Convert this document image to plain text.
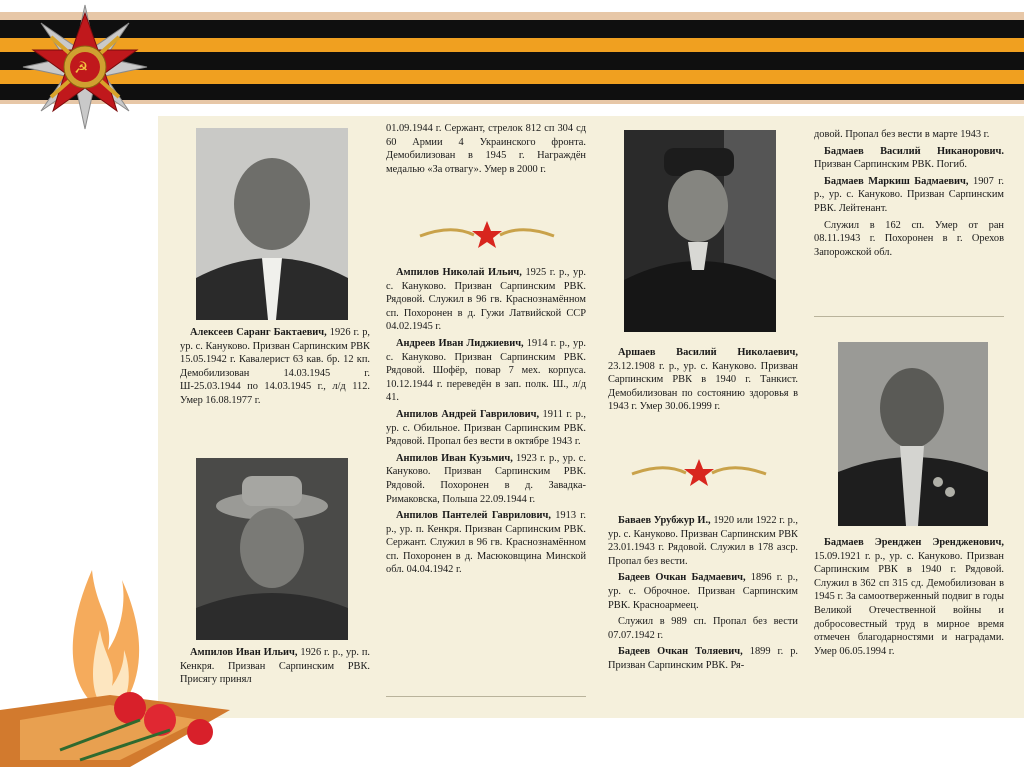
☭

Алексеев Саранг Бактаевич, 1926 г. р, ур. с. Кануково. Призван Сарпинским РВК 15.05.1942 г. Кавалерист 63 кав. бр. 12 кп. Демобилизован 14.03.1945 г. Ш-25.03.1944 по 14.03.1945 г., л/д 112. Умер 16.08.1977 г.

Ампилов Иван Ильич, 1926 г. р., ур. п. Кенкря. Призван Сарпинским РВК. Присягу принял

01.09.1944 г. Сержант, стрелок 812 сп 304 сд 60 Армии 4 Украинского фронта. Демобилизован в 1945 г. Награждён медалью «За отвагу». Умер в 2000 г.

Ампилов Николай Ильич, 1925 г. р., ур. с. Кануково. Призван Сарпинским РВК. Рядовой. Служил в 96 гв. Краснознамённом сп. Похоронен в д. Гужи Латвийской ССР 04.02.1945 г.

Андреев Иван Лиджиевич, 1914 г. р., ур. с. Кануково. Призван Сарпинским РВК. Рядовой. Шофёр, повар 7 мех. корпуса. 10.12.1944 г. переведён в зап. полк. Ш., л/д 41.

Анпилов Андрей Гаврилович, 1911 г. р., ур. с. Обильное. Призван Сарпинским РВК. Рядовой. Пропал без вести в октябре 1943 г.

Анпилов Иван Кузьмич, 1923 г. р., ур. с. Кануково. Призван Сарпинским РВК. Рядовой. Похоронен в д. Завадка-Римаковска, Польша 22.09.1944 г.

Анпилов Пантелей Гаврилович, 1913 г. р., ур. п. Кенкря. Призван Сарпинским РВК. Сержант. Служил в 96 гв. Краснознамённом сп. Похоронен в д. Масюковщина Минской обл. 04.04.1942 г.

Аршаев Василий Николаевич, 23.12.1908 г. р., ур. с. Кануково. Призван Сарпинским РВК в 1940 г. Танкист. Демобилизован по состоянию здоровья в 1943 г. Умер 30.06.1999 г.

Баваев Урубжур И., 1920 или 1922 г. р., ур. с. Кануково. Призван Сарпинским РВК 23.01.1943 г. Рядовой. Служил в 178 азср. Пропал без вести.

Бадеев Очкан Бадмаевич, 1896 г. р., ур. с. Оброчное. Призван Сарпинским РВК. Красноармеец.

Служил в 989 сп. Пропал без вести 07.07.1942 г.

Бадеев Очкан Толяевич, 1899 г. р. Призван Сарпинским РВК. Ря-

довой. Пропал без вести в марте 1943 г.

Бадмаев Василий Никанорович. Призван Сарпинским РВК. Погиб.

Бадмаев Маркиш Бадмаевич, 1907 г. р., ур. с. Кануково. Призван Сарпинским РВК. Лейтенант.

Служил в 162 сп. Умер от ран 08.11.1943 г. Похоронен в г. Орехов Запорожской обл.

Бадмаев Эренджен Эрендженович, 15.09.1921 г. р., ур. с. Кануково. Призван Сарпинским РВК в 1940 г. Рядовой. Служил в 362 сп 315 сд. Демобилизован в 1945 г. За самоотверженный подвиг в годы Великой Отечественной войны и добросовестный труд в мирное время отмечен благодарностями и наградами. Умер 06.05.1994 г.
